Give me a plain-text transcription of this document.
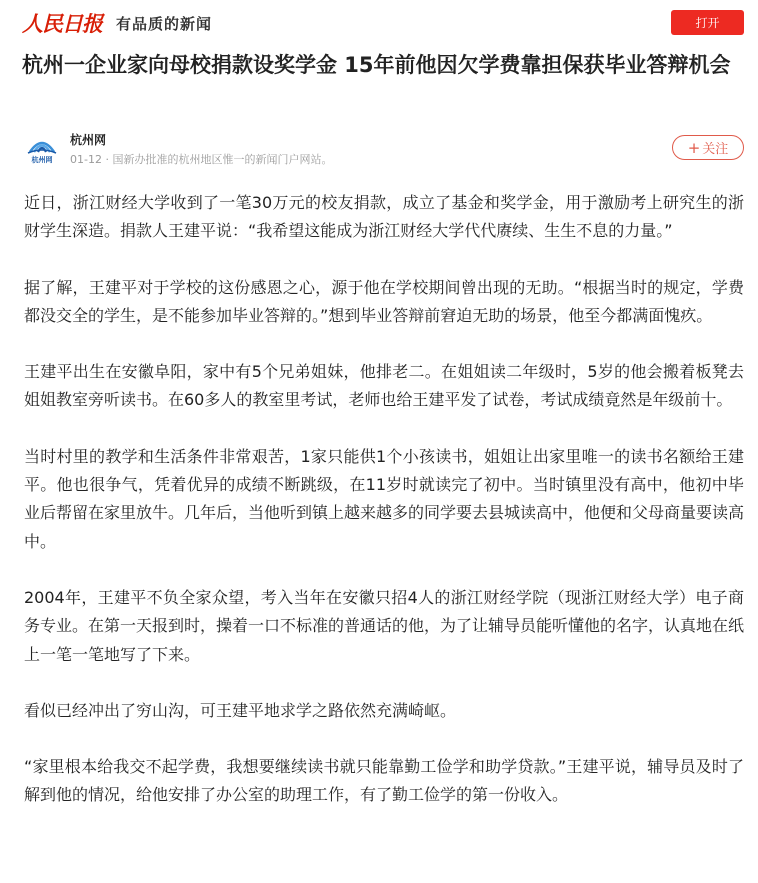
人民日报 有品质的新闻	打开
杭州一企业家向母校捐款设奖学金 15年前他因欠学费靠担保获毕业答辩机会
杭州网
杭州网
01-12 · 国新办批准的杭州地区惟一的新闻门户网站。
+ 关注

近日，浙江财经大学收到了一笔30万元的校友捐款，成立了基金和奖学金，用于激励考上研究生的浙财学生深造。捐款人王建平说：“我希望这能成为浙江财经大学代代赓续、生生不息的力量。”

据了解，王建平对于学校的这份感恩之心，源于他在学校期间曾出现的无助。“根据当时的规定，学费都没交全的学生，是不能参加毕业答辩的。”想到毕业答辩前窘迫无助的场景，他至今都满面愧疚。

王建平出生在安徽阜阳，家中有5个兄弟姐妹，他排老二。在姐姐读二年级时，5岁的他会搬着板凳去姐姐教室旁听读书。在60多人的教室里考试，老师也给王建平发了试卷，考试成绩竟然是年级前十。

当时村里的教学和生活条件非常艰苦，1家只能供1个小孩读书，姐姐让出家里唯一的读书名额给王建平。他也很争气，凭着优异的成绩不断跳级，在11岁时就读完了初中。当时镇里没有高中，他初中毕业后帮留在家里放牛。几年后，当他听到镇上越来越多的同学要去县城读高中，他便和父母商量要读高中。

2004年，王建平不负全家众望，考入当年在安徽只招4人的浙江财经学院（现浙江财经大学）电子商务专业。在第一天报到时，操着一口不标准的普通话的他，为了让辅导员能听懂他的名字，认真地在纸上一笔一笔地写了下来。

看似已经冲出了穷山沟，可王建平地求学之路依然充满崎岖。

“家里根本给我交不起学费，我想要继续读书就只能靠勤工俭学和助学贷款。”王建平说，辅导员及时了解到他的情况，给他安排了办公室的助理工作，有了勤工俭学的第一份收入。
